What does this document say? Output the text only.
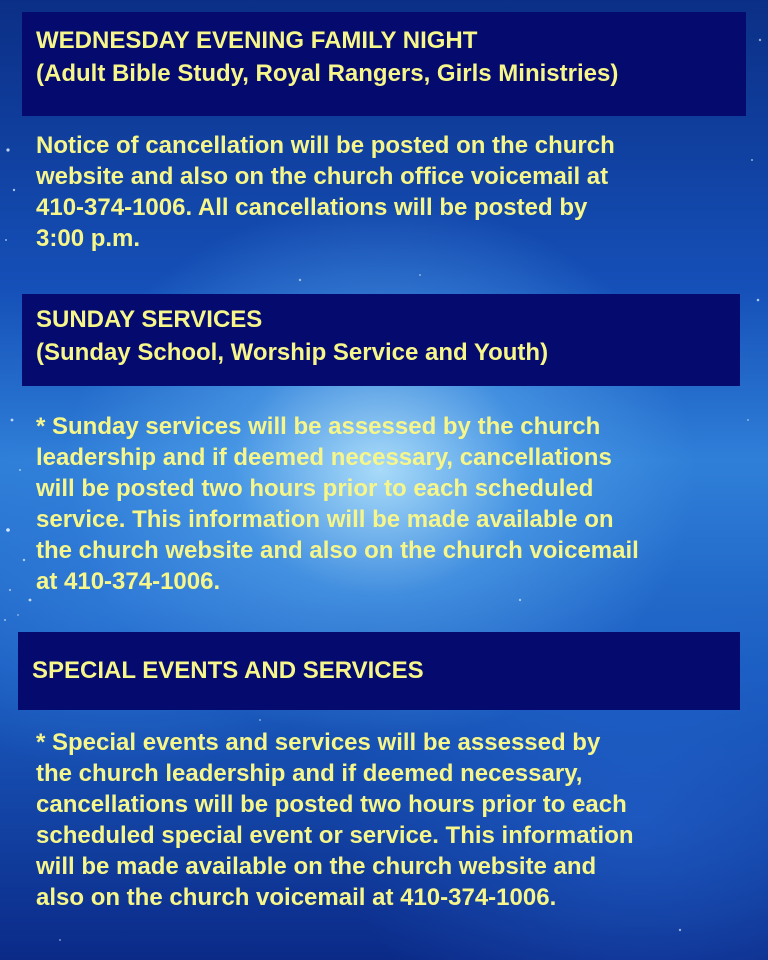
WEDNESDAY EVENING FAMILY NIGHT
(Adult Bible Study, Royal Rangers, Girls Ministries)
Notice of cancellation will be posted on the church
website and also on the church office voicemail at
410-374-1006. All cancellations will be posted by
3:00 p.m.
SUNDAY SERVICES
(Sunday School, Worship Service and Youth)
* Sunday services will be assessed by the church
leadership and if deemed necessary, cancellations
will be posted two hours prior to each scheduled
service. This information will be made available on
the church website and also on the church voicemail
at 410-374-1006.
SPECIAL EVENTS AND SERVICES
* Special events and services will be assessed by
the church leadership and if deemed necessary,
cancellations will be posted two hours prior to each
scheduled special event or service. This information
will be made available on the church website and
also on the church voicemail at 410-374-1006.
